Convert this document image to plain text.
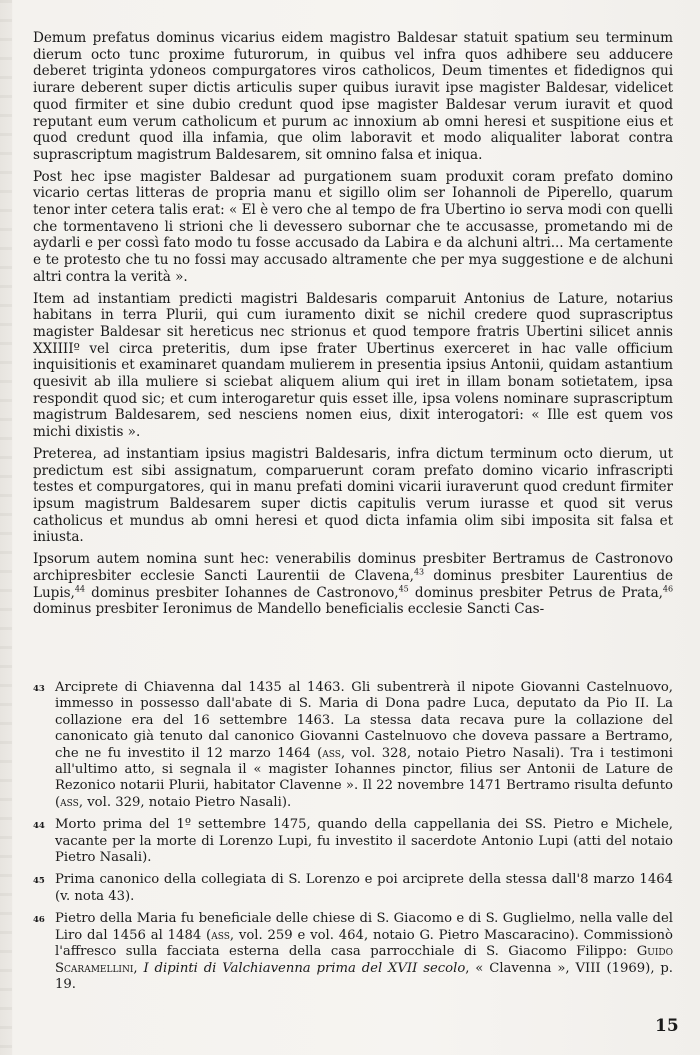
Demum prefatus dominus vicarius eidem magistro Baldesar statuit spatium seu terminum dierum octo tunc proxime futurorum, in quibus vel infra quos adhibere seu adducere deberet triginta ydoneos compurgatores viros catholicos, Deum timentes et fidedignos qui iurare deberent super dictis articulis super quibus iuravit ipse magister Baldesar, videlicet quod firmiter et sine dubio credunt quod ipse magister Baldesar verum iuravit et quod reputant eum verum catholicum et purum ac innoxium ab omni heresi et suspitione eius et quod credunt quod illa infamia, que olim laboravit et modo aliqualiter laborat contra suprascriptum magistrum Baldesarem, sit omnino falsa et iniqua.

Post hec ipse magister Baldesar ad purgationem suam produxit coram prefato domino vicario certas litteras de propria manu et sigillo olim ser Iohannoli de Piperello, quarum tenor inter cetera talis erat: « El è vero che al tempo de fra Ubertino io serva modi con quelli che tormentaveno li strioni che li devessero subornar che te accusasse, prometando mi de aydarli e per cossì fato modo tu fosse accusado da Labira e da alchuni altri... Ma certamente e te protesto che tu no fossi may accusado altramente che per mya suggestione e de alchuni altri contra la verità ».

Item ad instantiam predicti magistri Baldesaris comparuit Antonius de Lature, notarius habitans in terra Plurii, qui cum iuramento dixit se nichil credere quod suprascriptus magister Baldesar sit hereticus nec strionus et quod tempore fratris Ubertini silicet annis XXIIIIº vel circa preteritis, dum ipse frater Ubertinus exerceret in hac valle officium inquisitionis et examinaret quandam mulierem in presentia ipsius Antonii, quidam astantium quesivit ab illa muliere si sciebat aliquem alium qui iret in illam bonam sotietatem, ipsa respondit quod sic; et cum interogaretur quis esset ille, ipsa volens nominare suprascriptum magistrum Baldesarem, sed nesciens nomen eius, dixit interogatori: « Ille est quem vos michi dixistis ».

Preterea, ad instantiam ipsius magistri Baldesaris, infra dictum terminum octo dierum, ut predictum est sibi assignatum, comparuerunt coram prefato domino vicario infrascripti testes et compurgatores, qui in manu prefati domini vicarii iuraverunt quod credunt firmiter ipsum magistrum Baldesarem super dictis capitulis verum iurasse et quod sit verus catholicus et mundus ab omni heresi et quod dicta infamia olim sibi imposita sit falsa et iniusta.

Ipsorum autem nomina sunt hec: venerabilis dominus presbiter Bertramus de Castronovo archipresbiter ecclesie Sancti Laurentii de Clavena,$^{43}$ dominus presbiter Laurentius de Lupis,$^{44}$ dominus presbiter Iohannes de Castronovo,$^{45}$ dominus presbiter Petrus de Prata,$^{46}$ dominus presbiter Ieronimus de Mandello beneficialis ecclesie Sancti Cas-

43 Arciprete di Chiavenna dal 1435 al 1463. Gli subentrerà il nipote Giovanni Castelnuovo, immesso in possesso dall'abate di S. Maria di Dona padre Luca, deputato da Pio II. La collazione era del 16 settembre 1463. La stessa data recava pure la collazione del canonicato già tenuto dal canonico Giovanni Castelnuovo che doveva passare a Bertramo, che ne fu investito il 12 marzo 1464 (ass, vol. 328, notaio Pietro Nasali). Tra i testimoni all'ultimo atto, si segnala il « magister Iohannes pinctor, filius ser Antonii de Lature de Rezonico notarii Plurii, habitator Clavenne ». Il 22 novembre 1471 Bertramo risulta defunto (ass, vol. 329, notaio Pietro Nasali).
44 Morto prima del 1º settembre 1475, quando della cappellania dei SS. Pietro e Michele, vacante per la morte di Lorenzo Lupi, fu investito il sacerdote Antonio Lupi (atti del notaio Pietro Nasali).
45 Prima canonico della collegiata di S. Lorenzo e poi arciprete della stessa dall'8 marzo 1464 (v. nota 43).
46 Pietro della Maria fu beneficiale delle chiese di S. Giacomo e di S. Guglielmo, nella valle del Liro dal 1456 al 1484 (ass, vol. 259 e vol. 464, notaio G. Pietro Mascaracino). Commissionò l'affresco sulla facciata esterna della casa parrocchiale di S. Giacomo Filippo: Guido Scaramellini, I dipinti di Valchiavenna prima del XVII secolo, « Clavenna », VIII (1969), p. 19.
15
